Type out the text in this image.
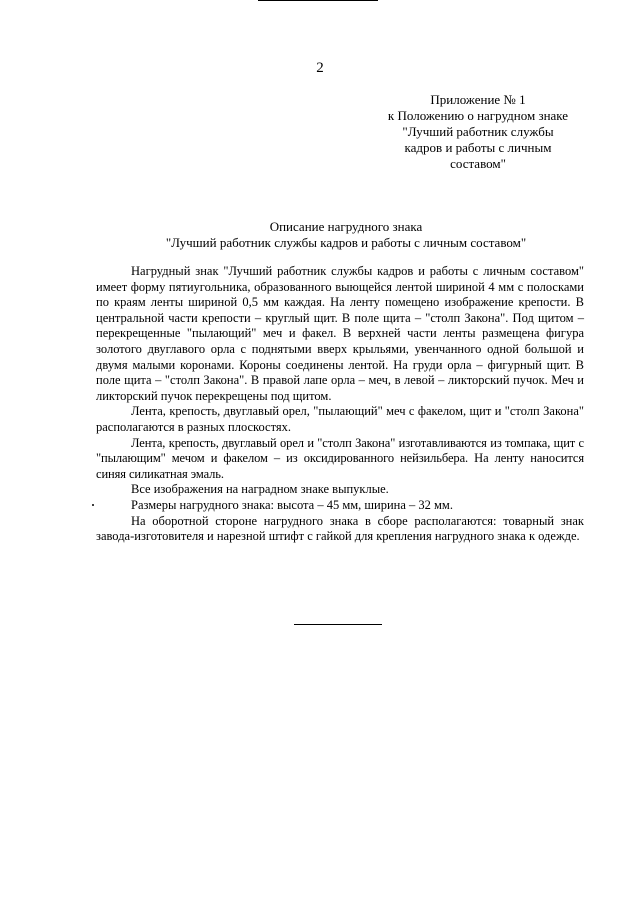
2
Приложение № 1
к Положению о нагрудном знаке
"Лучший работник службы
кадров и работы с личным
составом"
Описание нагрудного знака
"Лучший работник службы кадров и работы с личным составом"

Нагрудный знак "Лучший работник службы кадров и работы с личным составом" имеет форму пятиугольника, образованного выющейся лентой шириной 4 мм с полосками по краям ленты шириной 0,5 мм каждая. На ленту помещено изображение крепости. В центральной части крепости – круглый щит. В поле щита – "столп Закона". Под щитом – перекрещенные "пылающий" меч и факел. В верхней части ленты размещена фигура золотого двуглавого орла с поднятыми вверх крыльями, увенчанного одной большой и двумя малыми коронами. Короны соединены лентой. На груди орла – фигурный щит. В поле щита – "столп Закона". В правой лапе орла – меч, в левой – ликторский пучок. Меч и ликторский пучок перекрещены под щитом.

Лента, крепость, двуглавый орел, "пылающий" меч с факелом, щит и "столп Закона" располагаются в разных плоскостях.

Лента, крепость, двуглавый орел и "столп Закона" изготавливаются из томпака, щит с "пылающим" мечом и факелом – из оксидированного нейзильбера. На ленту наносится синяя силикатная эмаль.

Все изображения на наградном знаке выпуклые.

Размеры нагрудного знака: высота – 45 мм, ширина – 32 мм.

На оборотной стороне нагрудного знака в сборе располагаются: товарный знак завода-изготовителя и нарезной штифт с гайкой для крепления нагрудного знака к одежде.
